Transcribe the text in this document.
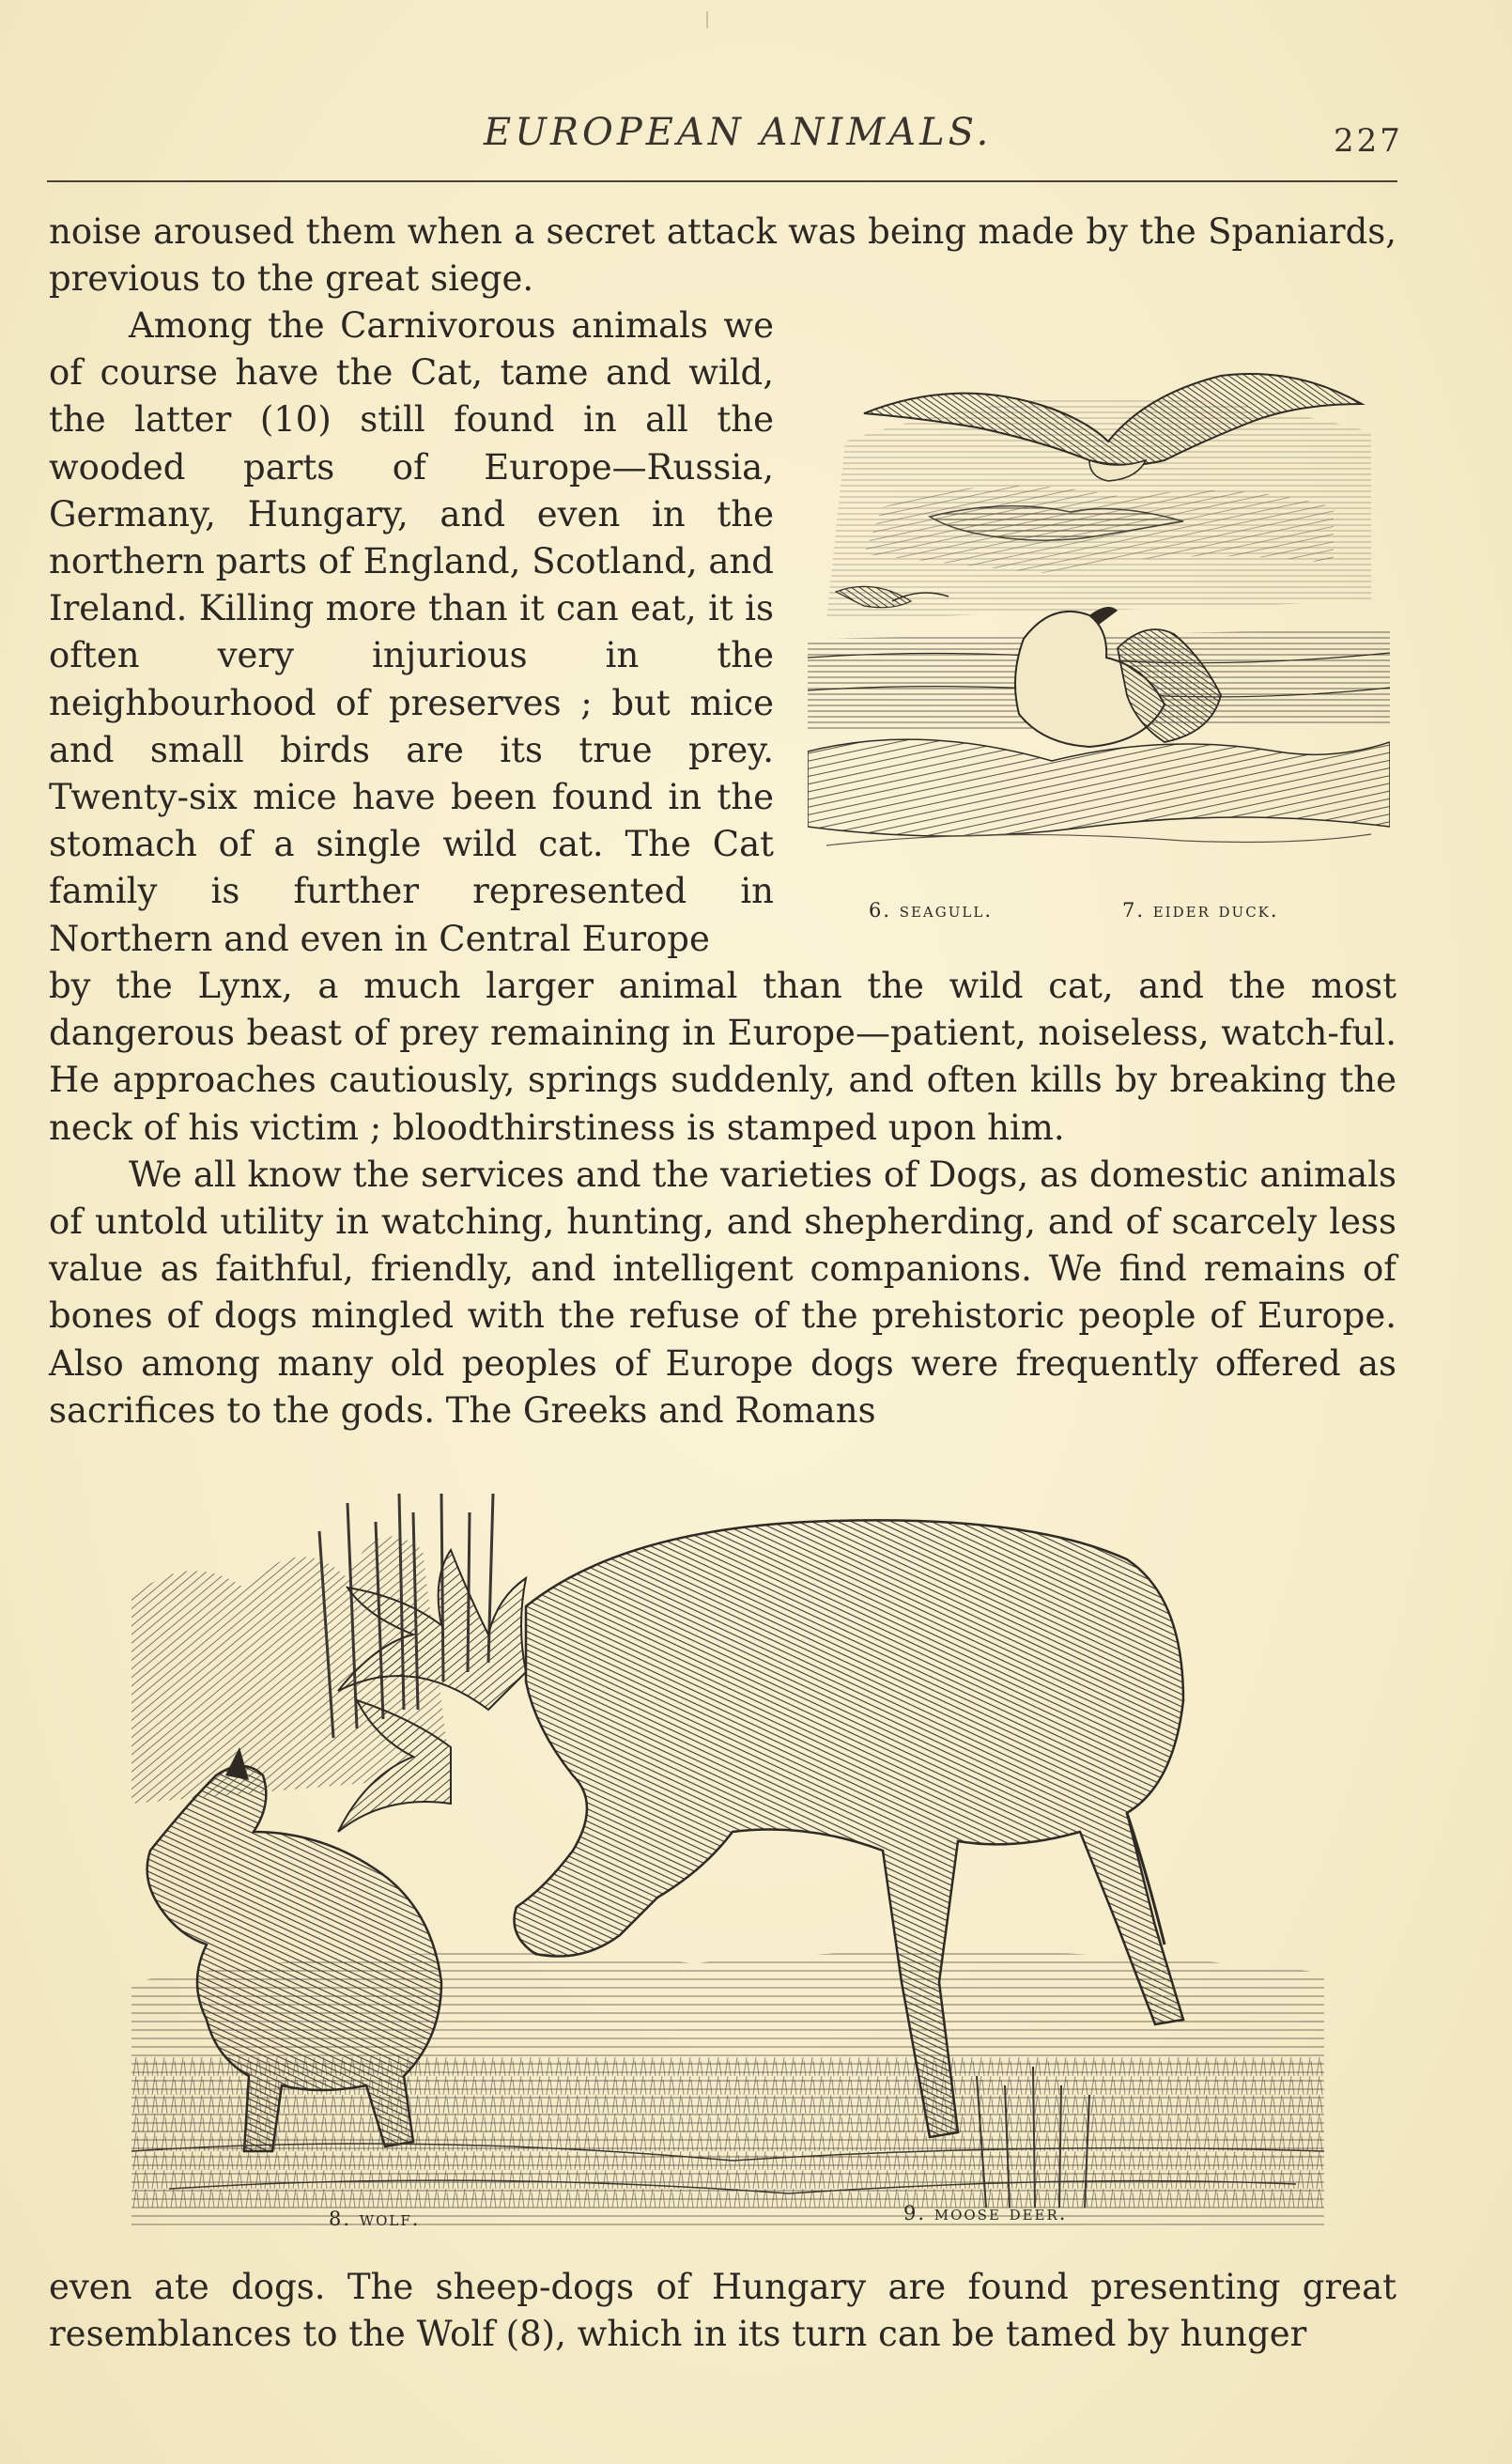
EUROPEAN ANIMALS.	227

noise aroused them when a secret attack was being made by the Spaniards, previous to the great siege.

Among the Carnivorous animals we of course have the Cat, tame and wild, the latter (10) still found in all the wooded parts of Europe—Russia, Germany, Hungary, and even in the northern parts of England, Scotland, and Ireland. Killing more than it can eat, it is often very injurious in the neighbourhood of preserves ; but mice and small birds are its true prey. Twenty-six mice have been found in the stomach of a single wild cat. The Cat family is further represented in Northern and even in Central Europe

6. seagull.	7. eider duck.

by the Lynx, a much larger animal than the wild cat, and the most dangerous beast of prey remaining in Europe—patient, noiseless, watch-ful. He approaches cautiously, springs suddenly, and often kills by breaking the neck of his victim ; bloodthirstiness is stamped upon him.

We all know the services and the varieties of Dogs, as domestic animals of untold utility in watching, hunting, and shepherding, and of scarcely less value as faithful, friendly, and intelligent companions. We find remains of bones of dogs mingled with the refuse of the prehistoric people of Europe. Also among many old peoples of Europe dogs were frequently offered as sacrifices to the gods. The Greeks and Romans

8. wolf.	9. moose deer.

even ate dogs. The sheep-dogs of Hungary are found presenting great resemblances to the Wolf (8), which in its turn can be tamed by hunger
